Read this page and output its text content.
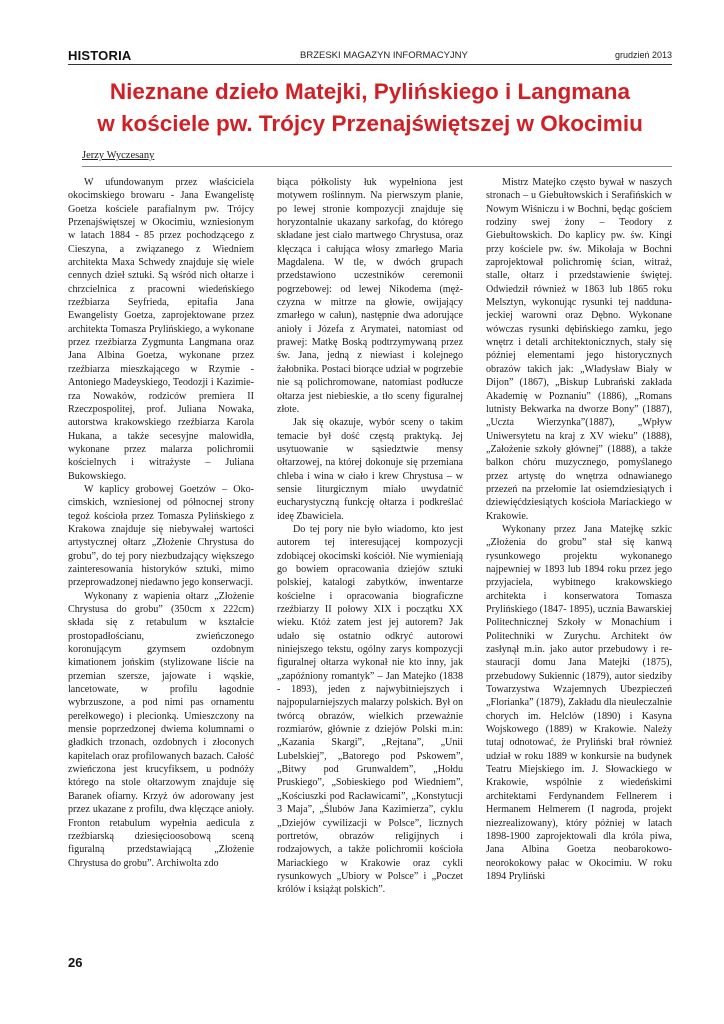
HISTORIA	BRZESKI MAGAZYN INFORMACYJNY	grudzień 2013
Nieznane dzieło Matejki, Pylińskiego i Langmana
w kościele pw. Trójcy Przenajświętszej w Okocimiu
Jerzy Wyczesany

W ufundowanym przez właściciela okocimskiego browaru - Jana Ewangelistę Goetza kościele parafialnym pw. Trójcy Przenajświętszej w Okocimiu, wzniesionym w latach 1884 - 85 przez pochodzącego z Cieszyna, a związanego z Wiedniem architekta Maxa Schwedy znajduje się wiele cennych dzieł sztuki. Są wśród nich ołtarze i chrzcielnica z pracowni wiedeńskiego rzeźbiarza Seyfrieda, epitafia Jana Ewangelisty Goetza, zaprojektowane przez architekta Tomasza Prylińskiego, a wykonane przez rzeźbiarza Zygmunta Langmana oraz Jana Albina Goetza, wykonane przez rzeźbiarza mieszkającego w Rzymie - Antoniego Madeyskiego, Teodozji i Kazimierza Nowaków, rodziców premiera II Rzeczpospolitej, prof. Juliana Nowaka, autorstwa krakowskiego rzeźbiarza Karola Hukana, a także secesyjne malowidła, wykonane przez malarza polichromii kościelnych i witrażyste – Juliana Bukowskiego.

W kaplicy grobowej Goetzów – Okocimskich, wzniesionej od północnej strony tegoż kościoła przez Tomasza Pylińskiego z Krakowa znajduje się niebywałej wartości artystycznej ołtarz „Złożenie Chrystusa do grobu”, do tej pory niezbudzający większego zainteresowania historyków sztuki, mimo przeprowadzonej niedawno jego konserwacji.

Wykonany z wapienia ołtarz „Złożenie Chrystusa do grobu” (350cm x 222cm) składa się z retabulum w kształcie prostopadłościanu, zwieńczonego koronującym gzymsem ozdobnym kimationem jońskim (stylizowane liście na przemian szersze, jajowate i wąskie, lancetowate, w profilu łagodnie wybrzuszone, a pod nimi pas ornamentu perełkowego) i plecionką. Umieszczony na mensie poprzedzonej dwiema kolumnami o gładkich trzonach, ozdobnych i złoconych kapitelach oraz profilowanych bazach. Całość zwieńczona jest krucyfiksem, u podnóży którego na stole ołtarzowym znajduje się Baranek ofiarny. Krzyż ów adorowany jest przez ukazane z profilu, dwa klęczące anioły. Fronton retabulum wypełnia aedicula z rzeźbiarską dziesięcioosobową sceną figuralną przedstawiającą „Złożenie Chrystusa do grobu”. Archiwolta zdo

biąca półkolisty łuk wypełniona jest motywem roślinnym. Na pierwszym planie, po lewej stronie kompozycji znajduje się horyzontalnie ukazany sarkofag, do którego składane jest ciało martwego Chrystusa, oraz klęcząca i całująca włosy zmarłego Maria Magdalena. W tle, w dwóch grupach przedstawiono uczestników ceremonii pogrzebowej: od lewej Nikodema (mężczyzna w mitrze na głowie, owijający zmarłego w całun), następnie dwa adorujące anioły i Józefa z Arymatei, natomiast od prawej: Matkę Boską podtrzymywaną przez św. Jana, jedną z niewiast i kolejnego żałobnika. Postaci biorące udział w pogrzebie nie są polichromowane, natomiast podłucze ołtarza jest niebieskie, a tło sceny figuralnej złote.

Jak się okazuje, wybór sceny o takim temacie był dość częstą praktyką. Jej usytuowanie w sąsiedztwie mensy ołtarzowej, na której dokonuje się przemiana chleba i wina w ciało i krew Chrystusa – w sensie liturgicznym miało uwydatnić eucharystyczną funkcję ołtarza i podkreślać ideę Zbawiciela.

Do tej pory nie było wiadomo, kto jest autorem tej interesującej kompozycji zdobiącej okocimski kościół. Nie wymieniają go bowiem opracowania dziejów sztuki polskiej, katalogi zabytków, inwentarze kościelne i opracowania biograficzne rzeźbiarzy II połowy XIX i początku XX wieku. Któż zatem jest jej autorem? Jak udało się ostatnio odkryć autorowi niniejszego tekstu, ogólny zarys kompozycji figuralnej ołtarza wykonał nie kto inny, jak „zapóźniony romantyk” – Jan Matejko (1838 - 1893), jeden z najwybitniejszych i najpopularniejszych malarzy polskich. Był on twórcą obrazów, wielkich przeważnie rozmiarów, głównie z dziejów Polski m.in: „Kazania Skargi”, „Rejtana”, „Unii Lubelskiej”, „Batorego pod Pskowem”, „Bitwy pod Grunwaldem”, „Hołdu Pruskiego”, „Sobieskiego pod Wiedniem”, „Kościuszki pod Racławicami”, „Konstytucji 3 Maja”, „Ślubów Jana Kazimierza”, cyklu „Dziejów cywilizacji w Polsce”, licznych portretów, obrazów religijnych i rodzajowych, a także polichromii kościoła Mariackiego w Krakowie oraz cykli rysunkowych „Ubiory w Polsce” i „Poczet królów i książąt polskich”.

Mistrz Matejko często bywał w naszych stronach – u Giebułtowskich i Serafińskich w Nowym Wiśniczu i w Bochni, będąc gościem rodziny swej żony – Teodory z Giebułtowskich. Do kaplicy pw. św. Kingi przy kościele pw. św. Mikołaja w Bochni zaprojektował polichromię ścian, witraż, stalle, ołtarz i przedstawienie świętej. Odwiedził również w 1863 lub 1865 roku Melsztyn, wykonując rysunki tej naddunajeckiej warowni oraz Dębno. Wykonane wówczas rysunki dębińskiego zamku, jego wnętrz i detali architektonicznych, stały się później elementami jego historycznych obrazów takich jak: „Władysław Biały w Dijon” (1867), „Biskup Lubrański zakłada Akademię w Poznaniu” (1886), „Romans lutnisty Bekwarka na dworze Bony” (1887), „Uczta Wierzynka”(1887), „Wpływ Uniwersytetu na kraj z XV wieku” (1888), „Założenie szkoły głównej” (1888), a także balkon chóru muzycznego, pomyślanego przez artystę do wnętrza odnawianego przezeń na przełomie lat osiemdziesiątych i dziewięćdziesiątych kościoła Mariackiego w Krakowie.

Wykonany przez Jana Matejkę szkic „Złożenia do grobu” stał się kanwą rysunkowego projektu wykonanego najpewniej w 1893 lub 1894 roku przez jego przyjaciela, wybitnego krakowskiego architekta i konserwatora Tomasza Prylińskiego (1847- 1895), ucznia Bawarskiej Politechnicznej Szkoły w Monachium i Politechniki w Zurychu. Architekt ów zasłynął m.in. jako autor przebudowy i restauracji domu Jana Matejki (1875), przebudowy Sukiennic (1879), autor siedziby Towarzystwa Wzajemnych Ubezpieczeń „Florianka” (1879), Zakładu dla nieuleczalnie chorych im. Helclów (1890) i Kasyna Wojskowego (1889) w Krakowie. Należy tutaj odnotować, że Pryliński brał również udział w roku 1889 w konkursie na budynek Teatru Miejskiego im. J. Słowackiego w Krakowie, wspólnie z wiedeńskimi architektami Ferdynandem Fellnerem i Hermanem Helmerem (I nagroda, projekt niezrealizowany), który później w latach 1898-1900 zaprojektowali dla króla piwa, Jana Albina Goetza neobarokowo- neorokokowy pałac w Okocimiu. W roku 1894 Pryliński

26
